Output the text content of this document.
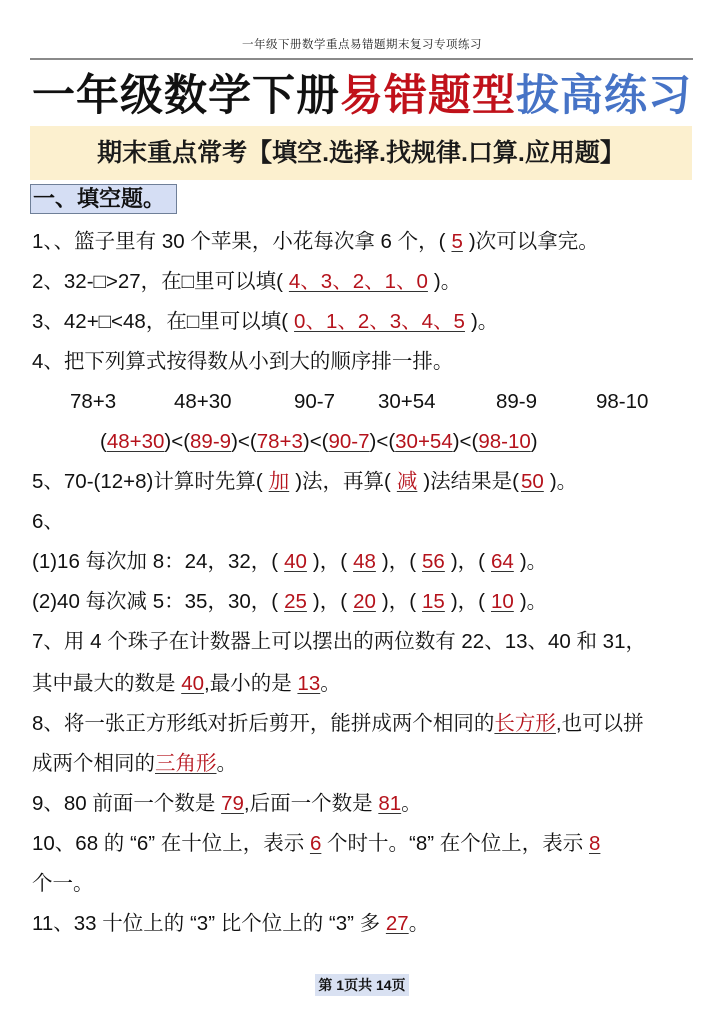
一年级下册数学重点易错题期末复习专项练习
一年级数学下册易错题型拔高练习
期末重点常考【填空.选择.找规律.口算.应用题】
一、填空题。
1、、篮子里有 30 个苹果，小花每次拿 6 个，( 5 )次可以拿完。
2、32-□>27，在□里可以填( 4、3、2、1、0 )。
3、42+□<48，在□里可以填( 0、1、2、3、4、5 )。
4、把下列算式按得数从小到大的顺序排一排。
78+3	48+30	90-7 30+54	89-9	98-10
(48+30)<(89-9)<(78+3)<(90-7)<(30+54)<(98-10)
5、70-(12+8)计算时先算( 加 )法，再算( 减 )法结果是(50 )。
6、
(1)16 每次加 8：24，32，( 40 )，( 48 )，( 56 )，( 64 )。
(2)40 每次减 5：35，30，( 25 )，( 20 )，( 15 )，( 10 )。
7、用 4 个珠子在计数器上可以摆出的两位数有 22、13、40 和 31，
其中最大的数是 40,最小的是 13。
8、将一张正方形纸对折后剪开，能拼成两个相同的长方形,也可以拼
成两个相同的三角形。
9、80 前面一个数是 79,后面一个数是 81。
10、68 的 “6” 在十位上，表示 6 个时十。“8” 在个位上，表示 8
个一。
11、33 十位上的 “3” 比个位上的 “3” 多 27。
第 1页共 14页
